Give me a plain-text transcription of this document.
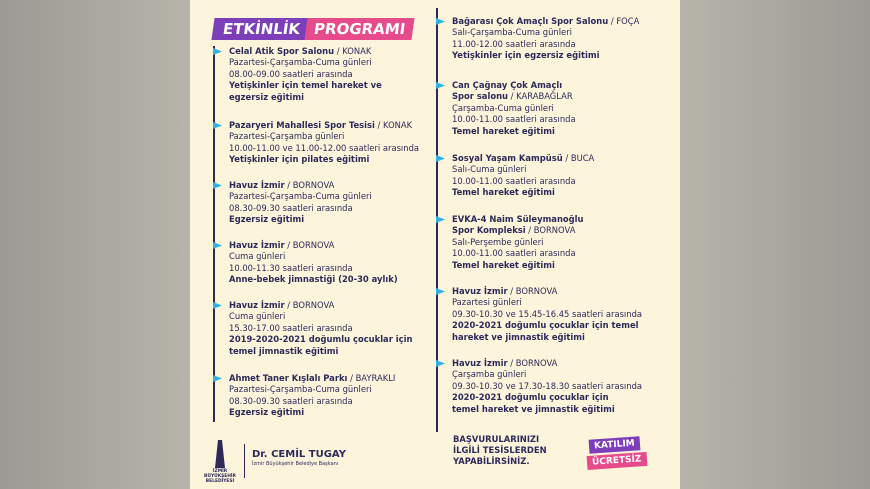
ETKİNLİK PROGRAMI
Celal Atik Spor Salonu / KONAK
Pazartesi-Çarşamba-Cuma günleri
08.00-09.00 saatleri arasında
Yetişkinler için temel hareket ve
egzersiz eğitimi
Pazaryeri Mahallesi Spor Tesisi / KONAK
Pazartesi-Çarşamba günleri
10.00-11.00 ve 11.00-12.00 saatleri arasında
Yetişkinler için pilates eğitimi
Havuz İzmir / BORNOVA
Pazartesi-Çarşamba-Cuma günleri
08.30-09.30 saatleri arasında
Egzersiz eğitimi
Havuz İzmir / BORNOVA
Cuma günleri
10.00-11.30 saatleri arasında
Anne-bebek jimnastiği (20-30 aylık)
Havuz İzmir / BORNOVA
Cuma günleri
15.30-17.00 saatleri arasında
2019-2020-2021 doğumlu çocuklar için
temel jimnastik eğitimi
Ahmet Taner Kışlalı Parkı / BAYRAKLI
Pazartesi-Çarşamba-Cuma günleri
08.30-09.30 saatleri arasında
Egzersiz eğitimi
Bağarası Çok Amaçlı Spor Salonu / FOÇA
Salı-Çarşamba-Cuma günleri
11.00-12.00 saatleri arasında
Yetişkinler için egzersiz eğitimi
Can Çağnay Çok Amaçlı
Spor salonu / KARABAĞLAR
Çarşamba-Cuma günleri
10.00-11.00 saatleri arasında
Temel hareket eğitimi
Sosyal Yaşam Kampüsü / BUCA
Salı-Cuma günleri
10.00-11.00 saatleri arasında
Temel hareket eğitimi
EVKA-4 Naim Süleymanoğlu
Spor Kompleksi / BORNOVA
Salı-Perşembe günleri
10.00-11.00 saatleri arasında
Temel hareket eğitimi
Havuz İzmir / BORNOVA
Pazartesi günleri
09.30-10.30 ve 15.45-16.45 saatleri arasında
2020-2021 doğumlu çocuklar için temel
hareket ve jimnastik eğitimi
Havuz İzmir / BORNOVA
Çarşamba günleri
09.30-10.30 ve 17.30-18.30 saatleri arasında
2020-2021 doğumlu çocuklar için
temel hareket ve jimnastik eğitimi
İZMİR
BÜYÜKŞEHİR
BELEDİYESİ
Dr. CEMİL TUGAY
İzmir Büyükşehir Belediye Başkanı
BAŞVURULARINIZI
İLGİLİ TESİSLERDEN
YAPABİLİRSİNİZ.
KATILIM
ÜCRETSİZ
